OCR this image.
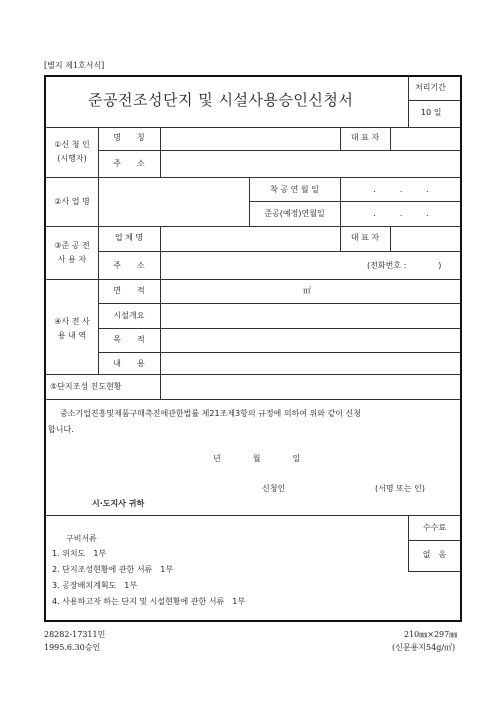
[별지 제1호서식]
준공전조성단지 및 시설사용승인신청서
처리기간
10 일
①신 청 인
(시행자)
명　　칭	대 표 자
주　　소
②사 업 명
착 공 연 월 일	.　　　.　　　.
준공(예정)연월일	.　　　.　　　.
③준 공 전
사 용 자
업 체 명	대 표 자
주　　소	(전화번호 :　　　　)
④사 전 사
용 내 역
면　　적	㎡
시설개요
목　　적
내　　용
⑤단지조성 진도현황
중소기업진흥및제품구매촉진에관한법률 제21조제3항의 규정에 의하여 위와 같이 신청
합니다.
년　　　　월　　　　일
신청인	(서명 또는 인)
시·도지사 귀하
수수료
없　음
구비서류
1. 위치도　1부
2. 단지조성현황에 관한 서류　1부
3. 공장배치계획도　1부
4. 사용하고자 하는 단지 및 시설현황에 관한 서류　1부
28282-17311민
1995.6.30승인
210㎜×297㎜
(신문용지54g/㎡)
